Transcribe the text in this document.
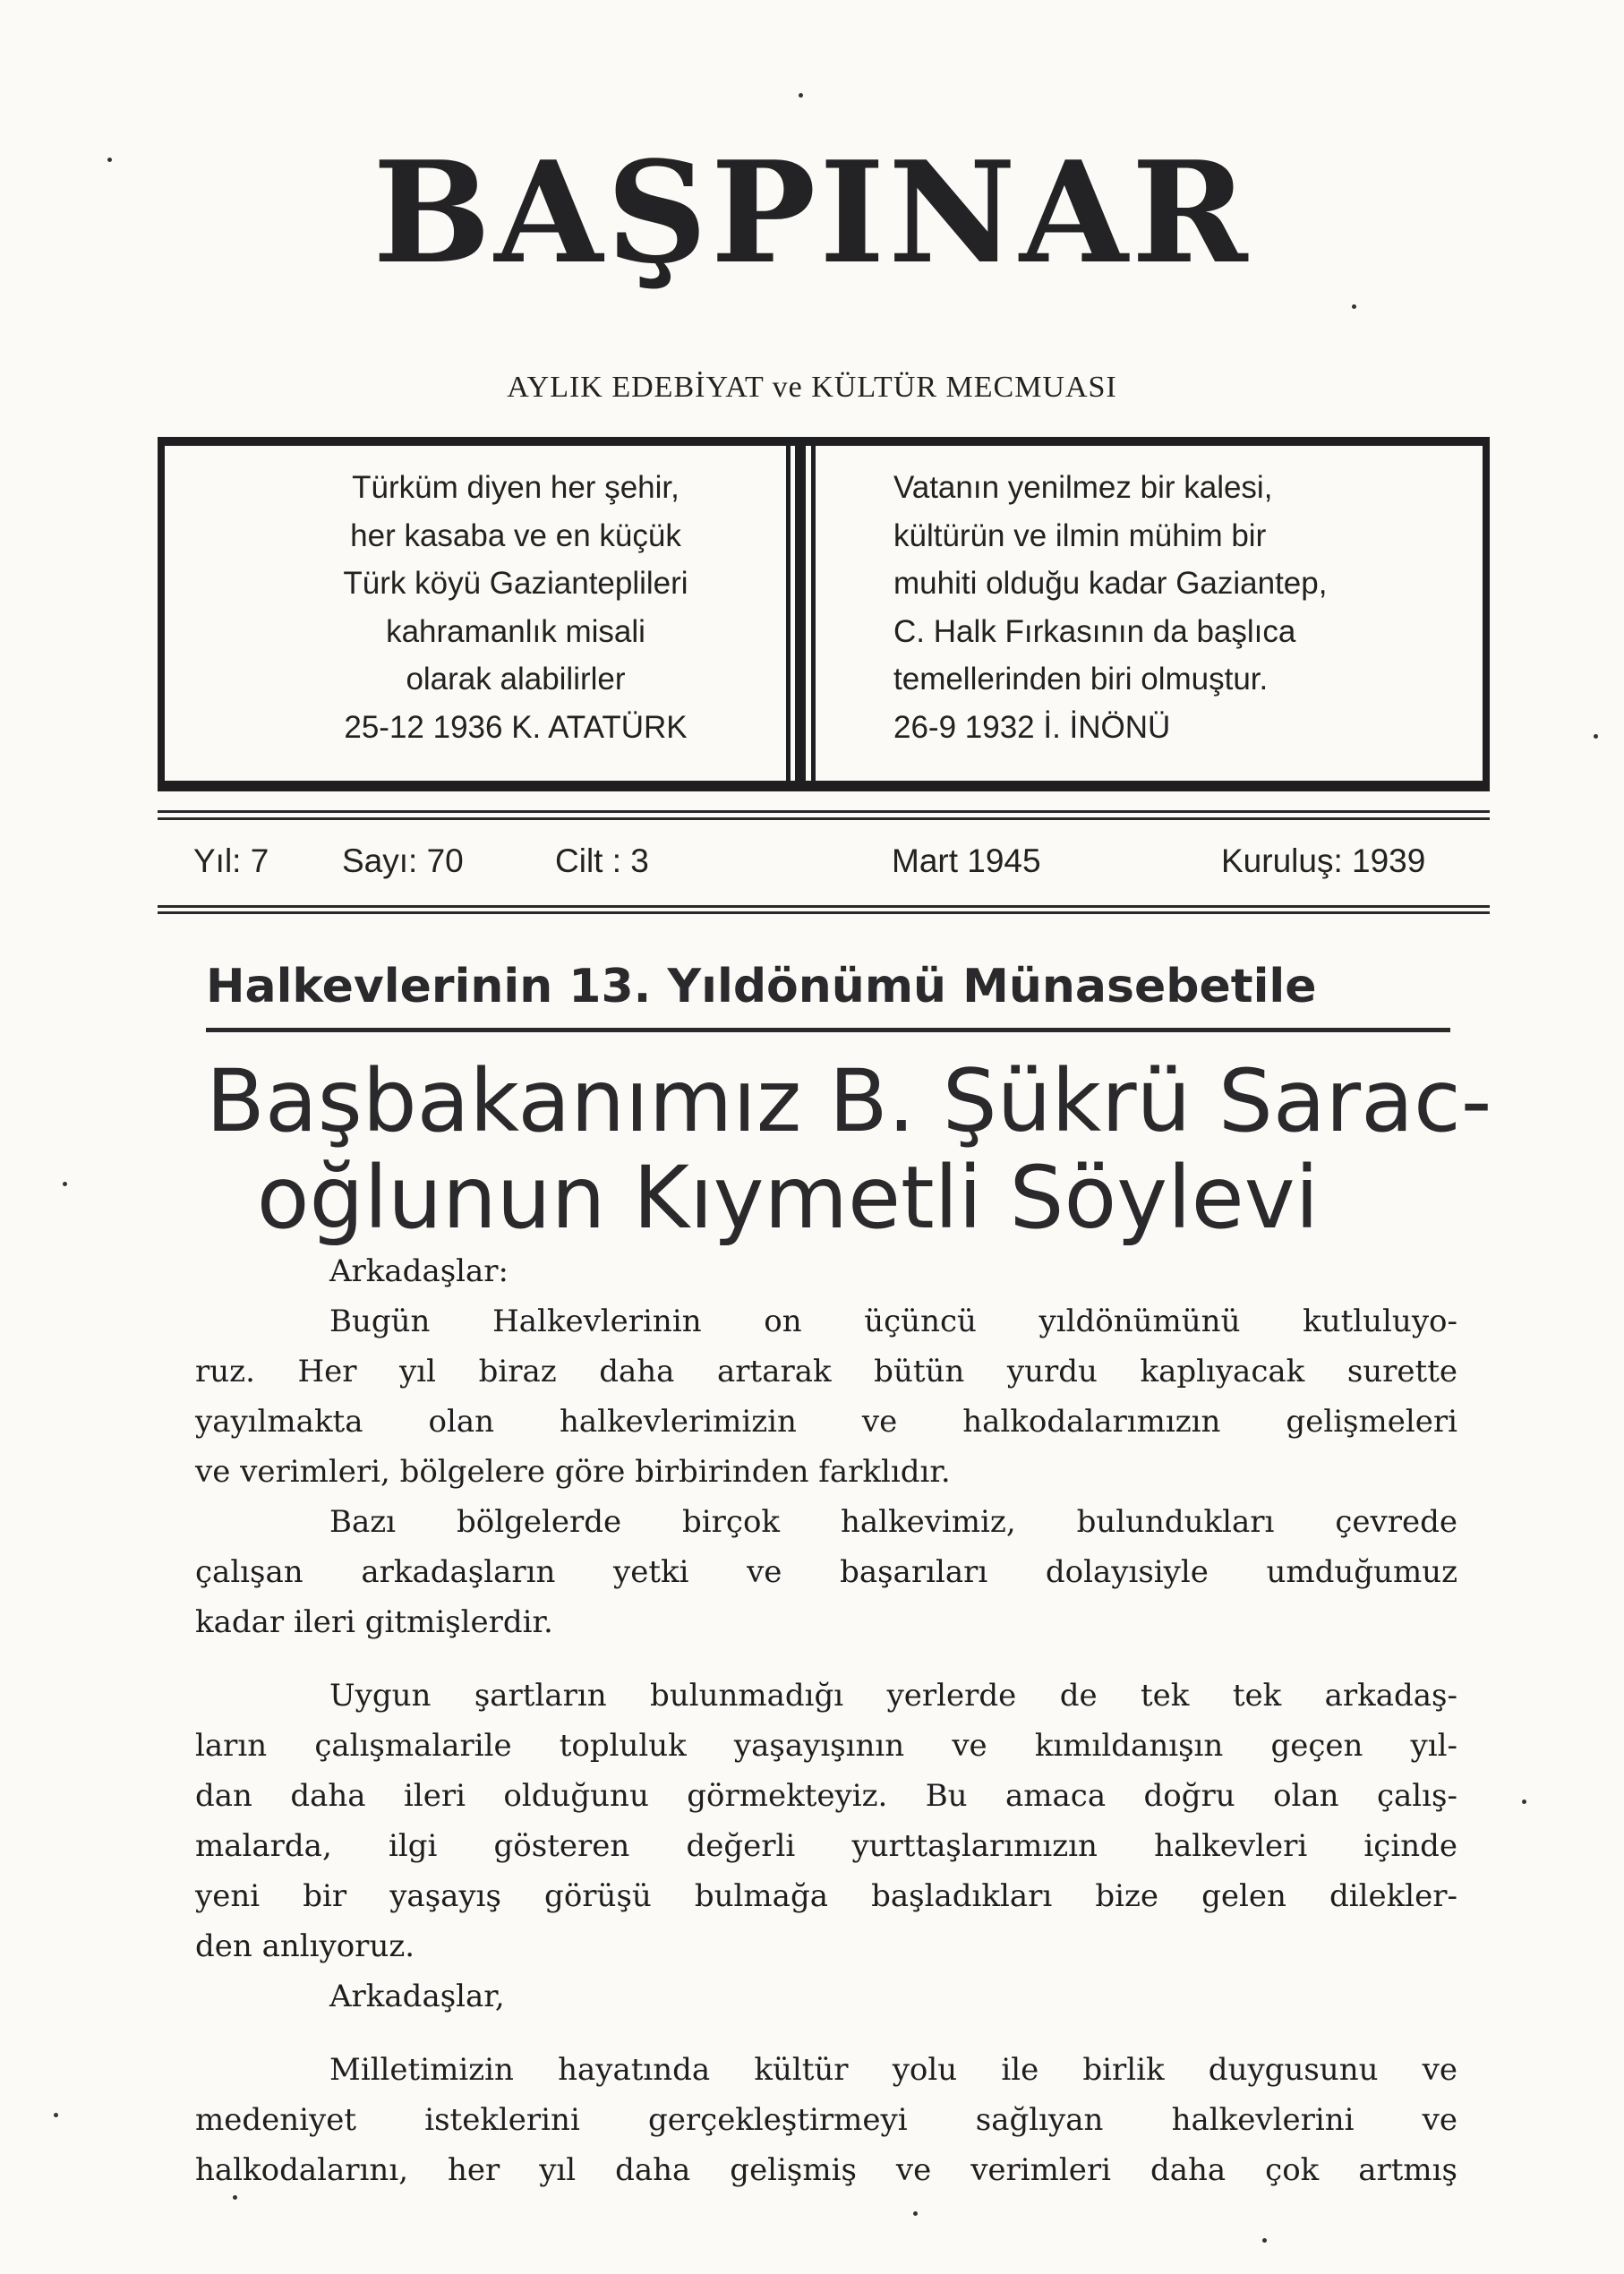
BAŞPINAR
AYLIK EDEBİYAT ve KÜLTÜR MECMUASI
Türküm diyen her şehir,
her kasaba ve en küçük
Türk köyü Gazianteplileri
kahramanlık misali
olarak alabilirler
25-12 1936 K. ATATÜRK
Vatanın yenilmez bir kalesi,
kültürün ve ilmin mühim bir
muhiti olduğu kadar Gaziantep,
C. Halk Fırkasının da başlıca
temellerinden biri olmuştur.
26-9 1932 İ. İNÖNÜ
Yıl: 7 Sayı: 70	Cilt : 3	Mart 1945	Kuruluş: 1939
Halkevlerinin 13. Yıldönümü Münasebetile
Başbakanımız B. Şükrü Sarac-
oğlunun Kıymetli Söylevi
Arkadaşlar:
Bugün Halkevlerinin on üçüncü yıldönümünü kutluluyo-
ruz. Her yıl biraz daha artarak bütün yurdu kaplıyacak surette
yayılmakta olan halkevlerimizin ve halkodalarımızın gelişmeleri
ve verimleri, bölgelere göre birbirinden farklıdır.
Bazı bölgelerde birçok halkevimiz, bulundukları çevrede
çalışan arkadaşların yetki ve başarıları dolayısiyle umduğumuz
kadar ileri gitmişlerdir.
Uygun şartların bulunmadığı yerlerde de tek tek arkadaş-
ların çalışmalarile topluluk yaşayışının ve kımıldanışın geçen yıl-
dan daha ileri olduğunu görmekteyiz. Bu amaca doğru olan çalış-
malarda, ilgi gösteren değerli yurttaşlarımızın halkevleri içinde
yeni bir yaşayış görüşü bulmağa başladıkları bize gelen dilekler-
den anlıyoruz.
Arkadaşlar,
Milletimizin hayatında kültür yolu ile birlik duygusunu ve
medeniyet isteklerini gerçekleştirmeyi sağlıyan halkevlerini ve
halkodalarını, her yıl daha gelişmiş ve verimleri daha çok artmış
